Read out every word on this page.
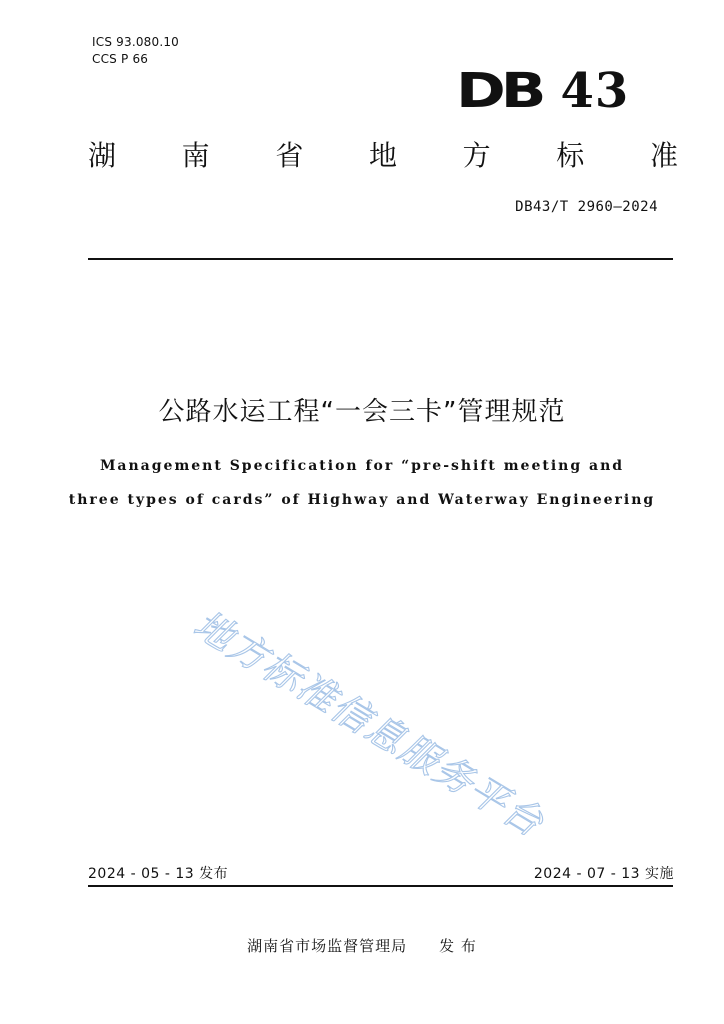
ICS 93.080.10
CCS P 66
DB 43
湖 南 省 地 方 标 准
DB43/T 2960—2024
公路水运工程“一会三卡”管理规范
Management Specification for “pre-shift meeting and
three types of cards” of Highway and Waterway Engineering
地方标准信息服务平台
2024 - 05 - 13 发布	2024 - 07 - 13 实施
湖南省市场监督管理局 发 布
